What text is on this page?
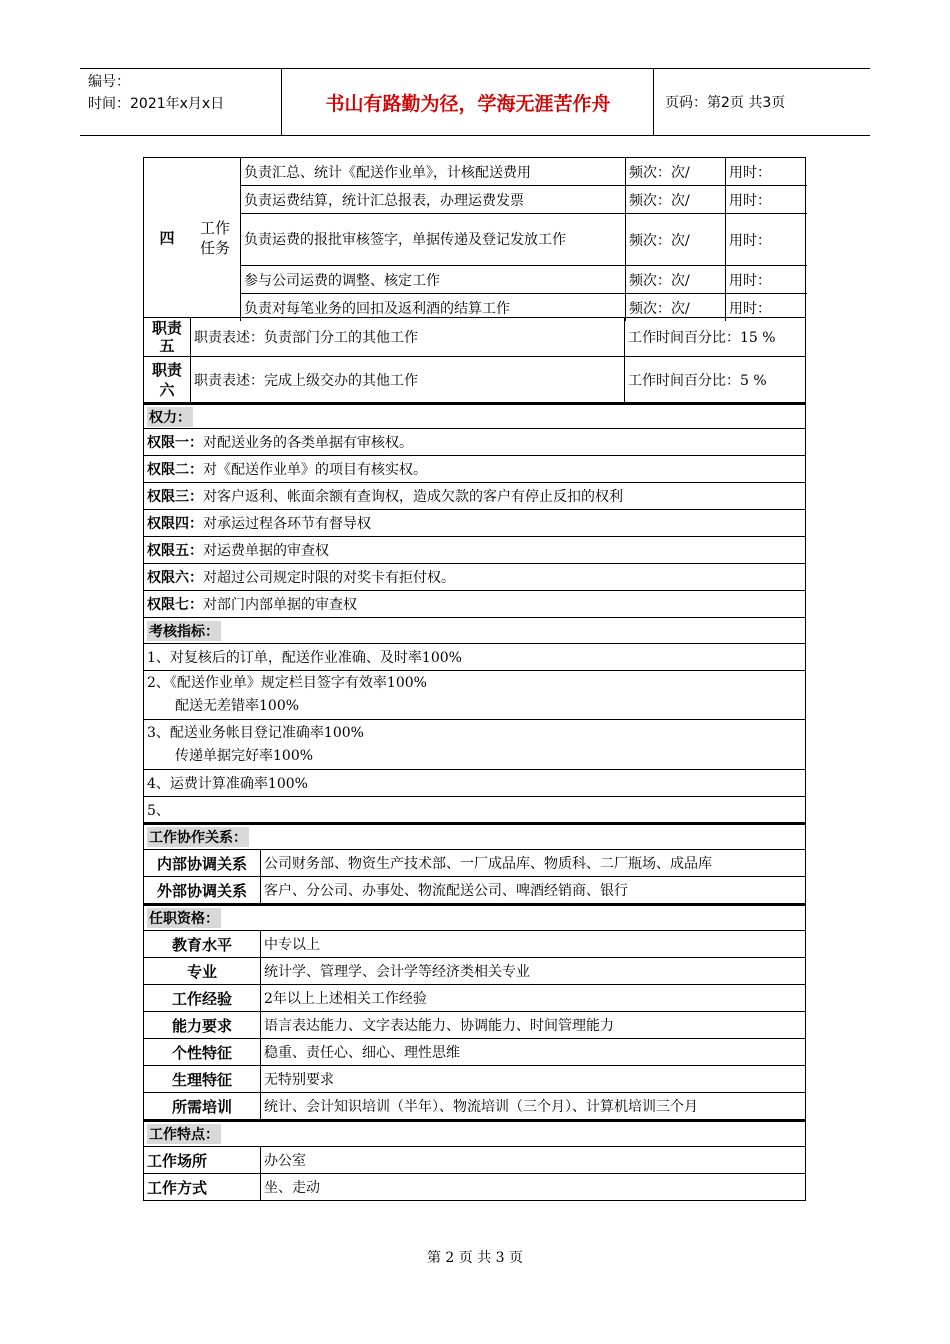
编号：
时间：2021年x月x日	书山有路勤为径，学海无涯苦作舟	页码：第2页 共3页
四
工作
任务
负责汇总、统计《配送作业单》，计核配送费用	频次：次/	用时：
负责运费结算，统计汇总报表，办理运费发票	频次：次/	用时：
负责运费的报批审核签字，单据传递及登记发放工作	频次：次/	用时：
参与公司运费的调整、核定工作	频次：次/	用时：
负责对每笔业务的回扣及返利酒的结算工作	频次：次/	用时：
职责
五	职责表述：负责部门分工的其他工作	工作时间百分比：15 %
职责
六	职责表述：完成上级交办的其他工作	工作时间百分比：5 %
权力：
权限一： 对配送业务的各类单据有审核权。
权限二： 对《配送作业单》的项目有核实权。
权限三： 对客户返利、帐面余额有查询权，造成欠款的客户有停止反扣的权利
权限四： 对承运过程各环节有督导权
权限五： 对运费单据的审查权
权限六： 对超过公司规定时限的对奖卡有拒付权。
权限七： 对部门内部单据的审查权
考核指标：
1、对复核后的订单，配送作业准确、及时率100%
2、《配送作业单》规定栏目签字有效率100%
配送无差错率100%
3、配送业务帐目登记准确率100%
传递单据完好率100%
4、运费计算准确率100%
5、
工作协作关系：
内部协调关系	公司财务部、物资生产技术部、一厂成品库、物质科、二厂瓶场、成品库
外部协调关系	客户、分公司、办事处、物流配送公司、啤酒经销商、银行
任职资格：
教育水平	中专以上
专业	统计学、管理学、会计学等经济类相关专业
工作经验	2年以上上述相关工作经验
能力要求	语言表达能力、文字表达能力、协调能力、时间管理能力
个性特征	稳重、责任心、细心、理性思维
生理特征	无特别要求
所需培训	统计、会计知识培训（半年）、物流培训（三个月）、计算机培训三个月
工作特点：
工作场所	办公室
工作方式	坐、走动
第 2 页 共 3 页
